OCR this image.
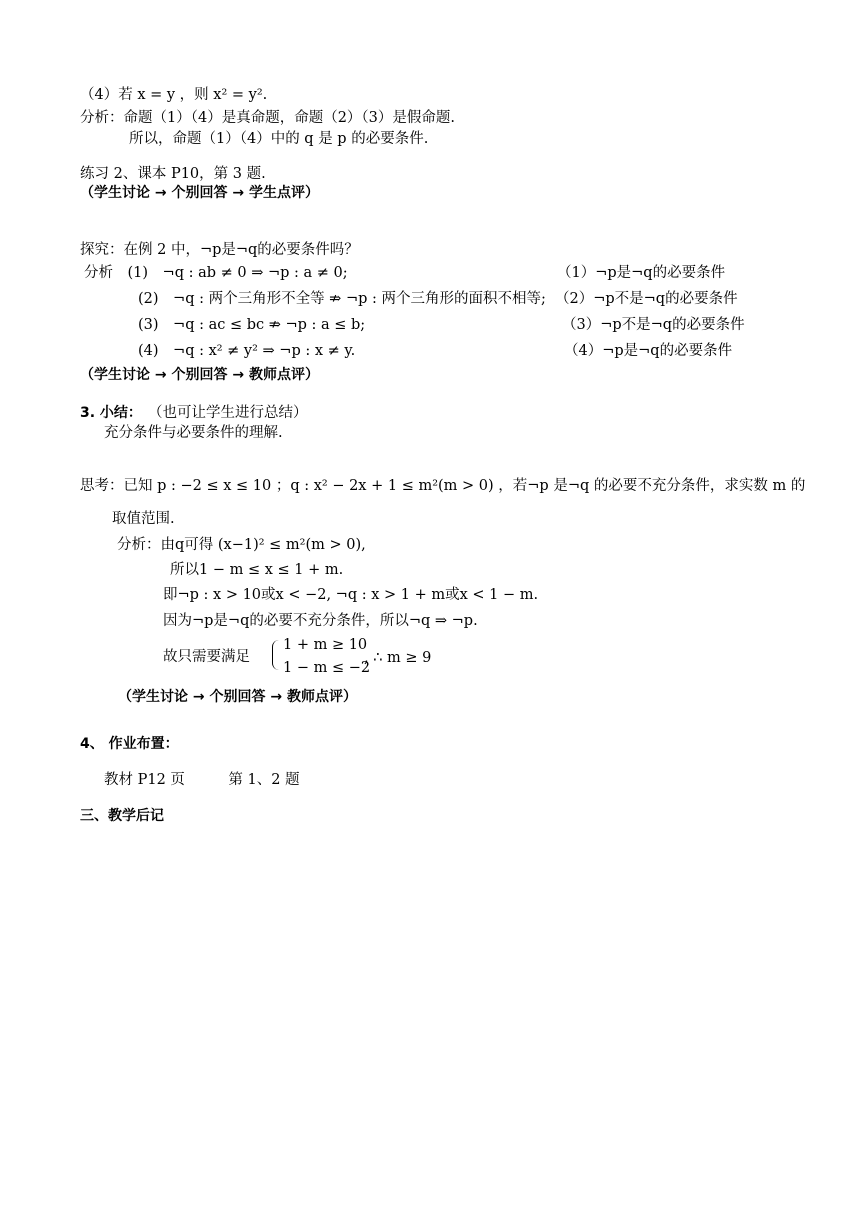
（4）若 x = y ，则 x² = y².
分析：命题（1）（4）是真命题，命题（2）（3）是假命题.
所以，命题（1）（4）中的 q 是 p 的必要条件.
练习 2、课本 P10，第 3 题.
（学生讨论 → 个别回答 → 学生点评）
探究：在例 2 中，¬p是¬q的必要条件吗？
分析　(1)　¬q : ab ≠ 0 ⇒ ¬p : a ≠ 0;	（1）¬p是¬q的必要条件
(2)　¬q : 两个三角形不全等 ⇏ ¬p : 两个三角形的面积不相等; （2）¬p不是¬q的必要条件
(3)　¬q : ac ≤ bc ⇏ ¬p : a ≤ b;	（3）¬p不是¬q的必要条件
(4)　¬q : x² ≠ y² ⇒ ¬p : x ≠ y.	（4）¬p是¬q的必要条件
（学生讨论 → 个别回答 → 教师点评）
3. 小结： （也可让学生进行总结）
充分条件与必要条件的理解.
思考：已知 p : −2 ≤ x ≤ 10 ；q : x² − 2x + 1 ≤ m²(m > 0) ，若¬p 是¬q 的必要不充分条件，求实数 m 的
取值范围.
分析：由q可得 (x−1)² ≤ m²(m > 0),
所以1 − m ≤ x ≤ 1 + m.
即¬p : x > 10或x < −2, ¬q : x > 1 + m或x < 1 − m.
因为¬p是¬q的必要不充分条件，所以¬q ⇒ ¬p.
故只需要满足
1 + m ≥ 10
1 − m ≤ −2
, ∴ m ≥ 9
（学生讨论 → 个别回答 → 教师点评）
4、 作业布置：
教材 P12 页　　　第 1、2 题
三、教学后记
